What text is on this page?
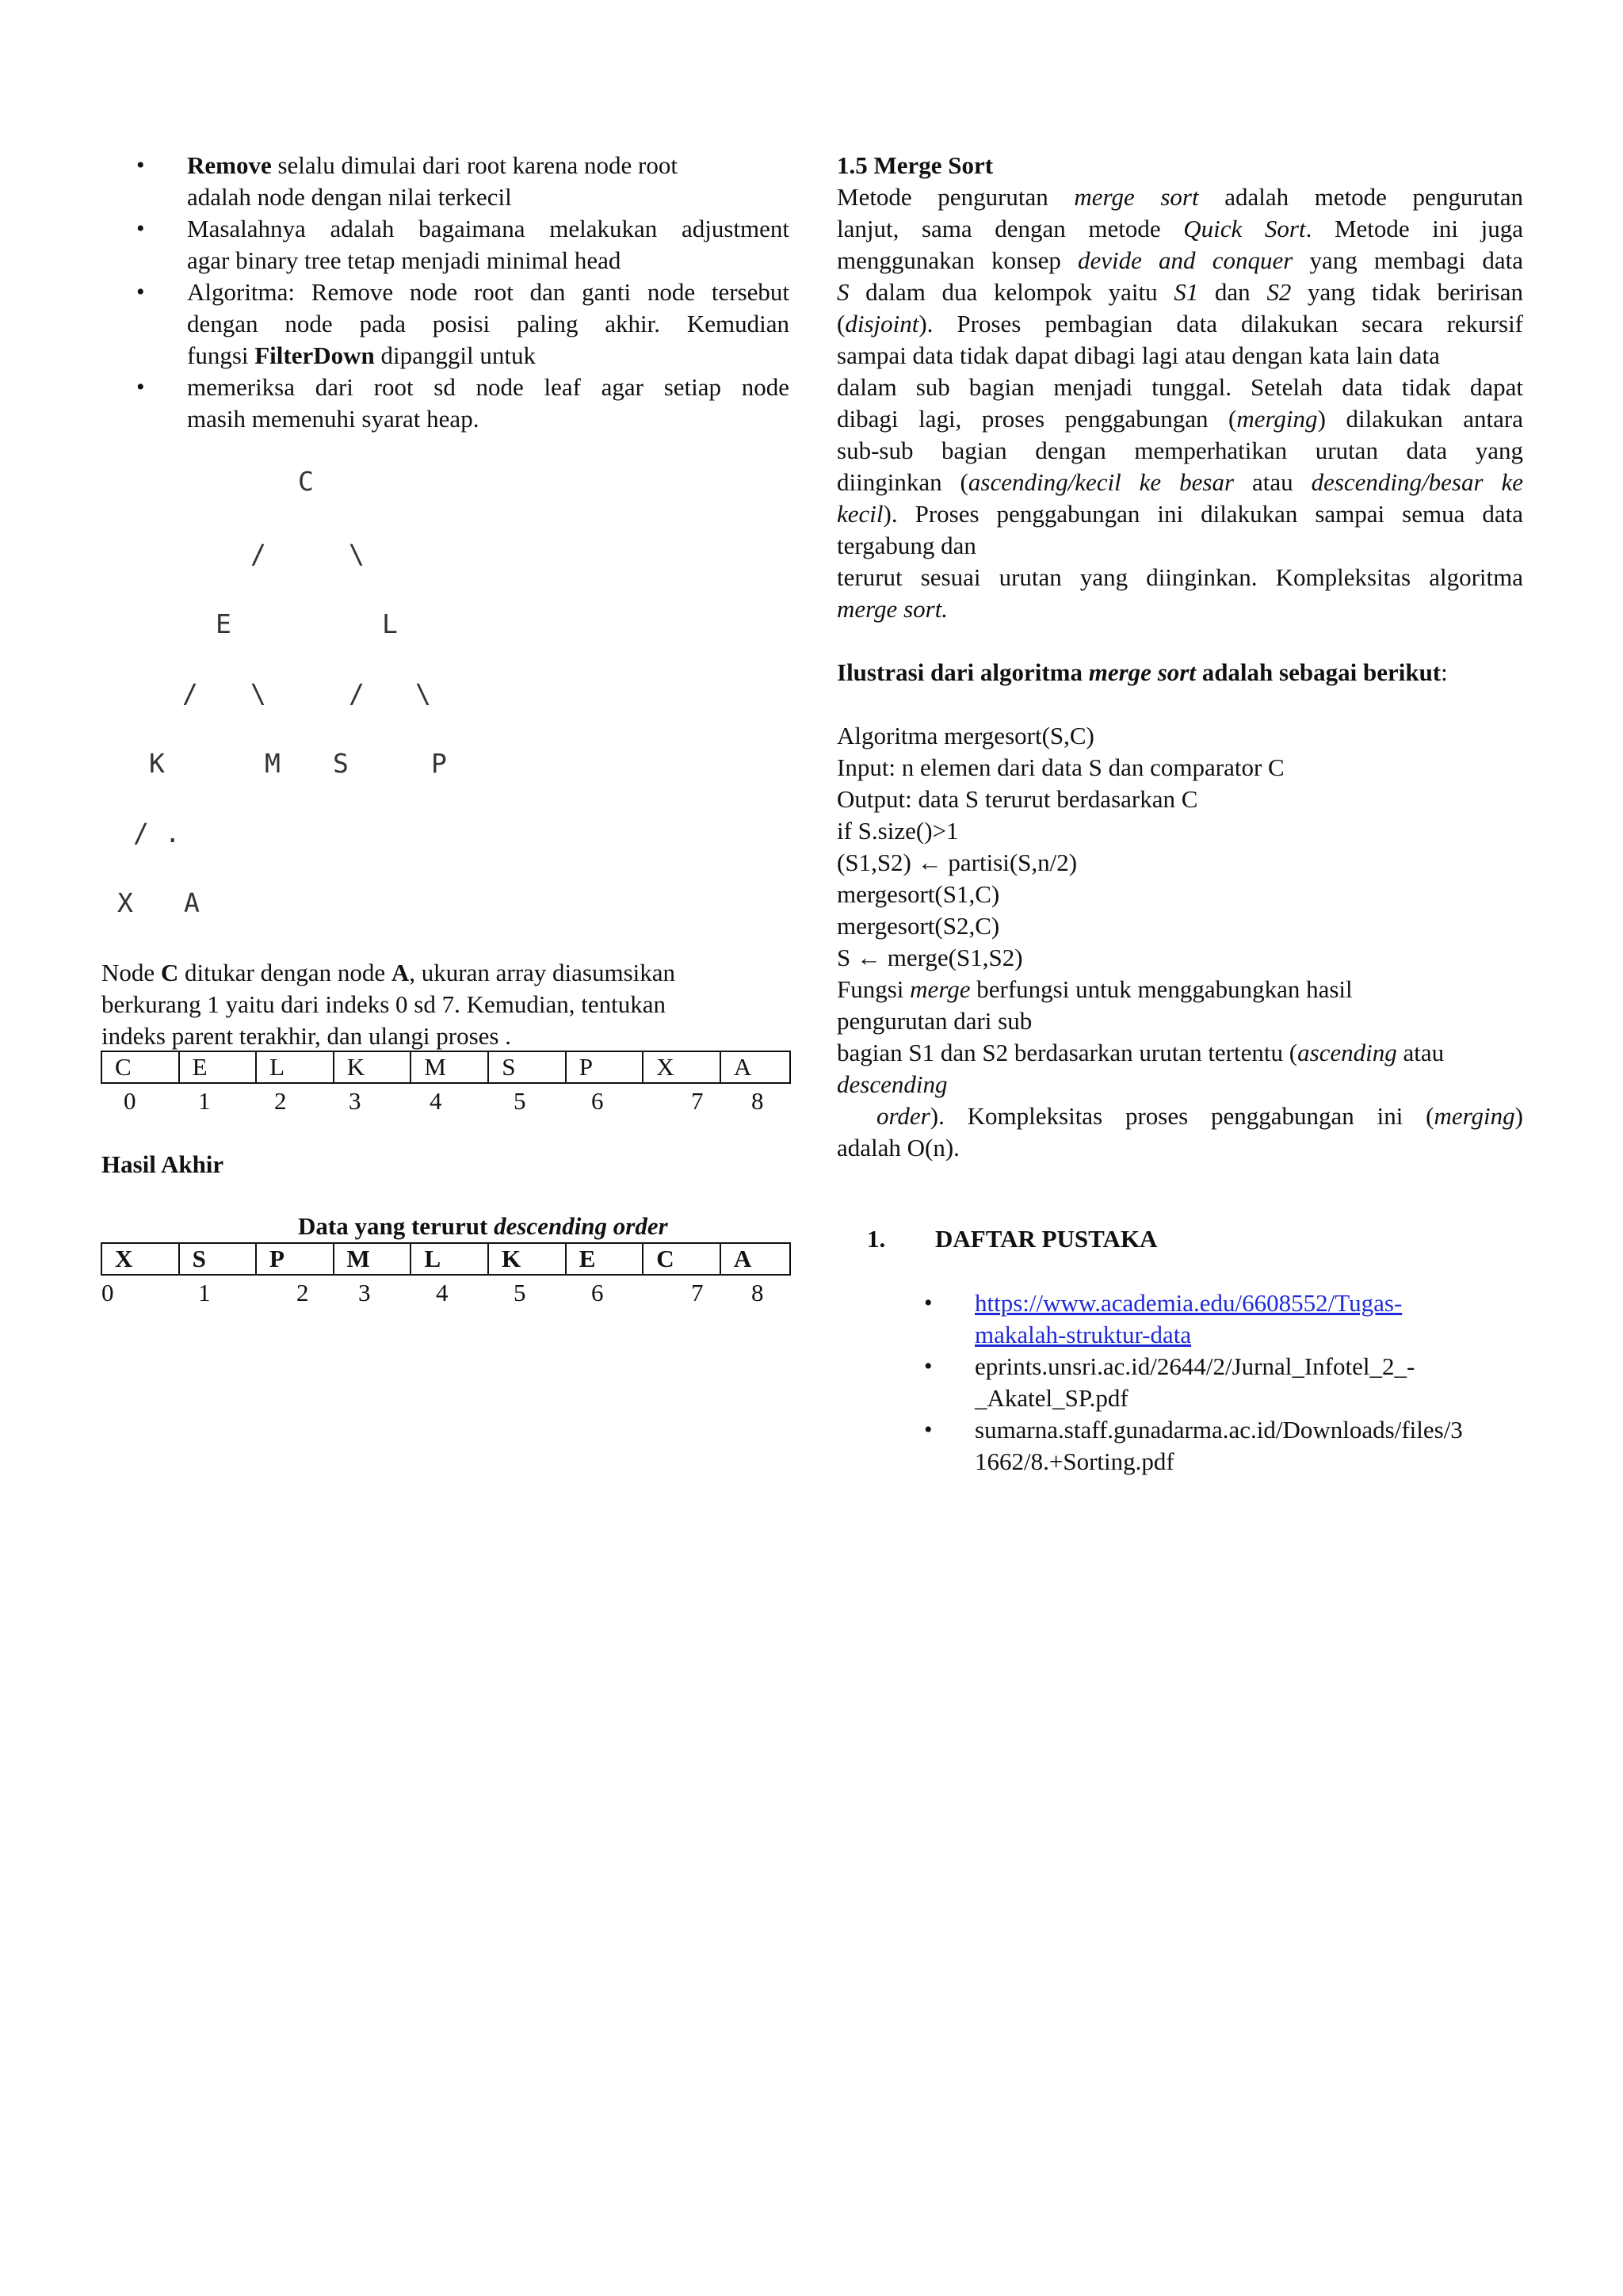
• Remove selalu dimulai dari root karena node root
adalah node dengan nilai terkecil
• Masalahnya adalah bagaimana melakukan adjustment
agar binary tree tetap menjadi minimal head
• Algoritma: Remove node root dan ganti node tersebut
dengan node pada posisi paling akhir. Kemudian
fungsi FilterDown dipanggil untuk
• memeriksa dari root sd node leaf agar setiap node
masih memenuhi syarat heap.
C
/	\
E	L
/ \	/ \
K	M S	P
/ .
X A
Node C ditukar dengan node A, ukuran array diasumsikan
berkurang 1 yaitu dari indeks 0 sd 7. Kemudian, tentukan
indeks parent terakhir, dan ulangi proses .
C	E	L	K	M	S	P	X	A
0	1	2	3	4	5	6	7 8
Hasil Akhir
Data yang terurut descending order
X	S	P	M	L	K	E	C	A
0	1	2 3	4	5	6	7 8
1.5 Merge Sort
Metode pengurutan merge sort adalah metode pengurutan
lanjut, sama dengan metode Quick Sort. Metode ini juga
menggunakan konsep devide and conquer yang membagi data
S dalam dua kelompok yaitu S1 dan S2 yang tidak beririsan
(disjoint). Proses pembagian data dilakukan secara rekursif
sampai data tidak dapat dibagi lagi atau dengan kata lain data
dalam sub bagian menjadi tunggal. Setelah data tidak dapat
dibagi lagi, proses penggabungan (merging) dilakukan antara
sub-sub bagian dengan memperhatikan urutan data yang
diinginkan (ascending/kecil ke besar atau descending/besar ke
kecil). Proses penggabungan ini dilakukan sampai semua data
tergabung dan
terurut sesuai urutan yang diinginkan. Kompleksitas algoritma
merge sort.
Ilustrasi dari algoritma merge sort adalah sebagai berikut:
Algoritma mergesort(S,C)
Input: n elemen dari data S dan comparator C
Output: data S terurut berdasarkan C
if S.size()>1
(S1,S2) ← partisi(S,n/2)
mergesort(S1,C)
mergesort(S2,C)
S ← merge(S1,S2)
Fungsi merge berfungsi untuk menggabungkan hasil
pengurutan dari sub
bagian S1 dan S2 berdasarkan urutan tertentu (ascending atau
descending
order). Kompleksitas proses penggabungan ini (merging)
adalah O(n).
1. DAFTAR PUSTAKA
• https://www.academia.edu/6608552/Tugas-
makalah-struktur-data
• eprints.unsri.ac.id/2644/2/Jurnal_Infotel_2_-
_Akatel_SP.pdf
• sumarna.staff.gunadarma.ac.id/Downloads/files/3
1662/8.+Sorting.pdf
